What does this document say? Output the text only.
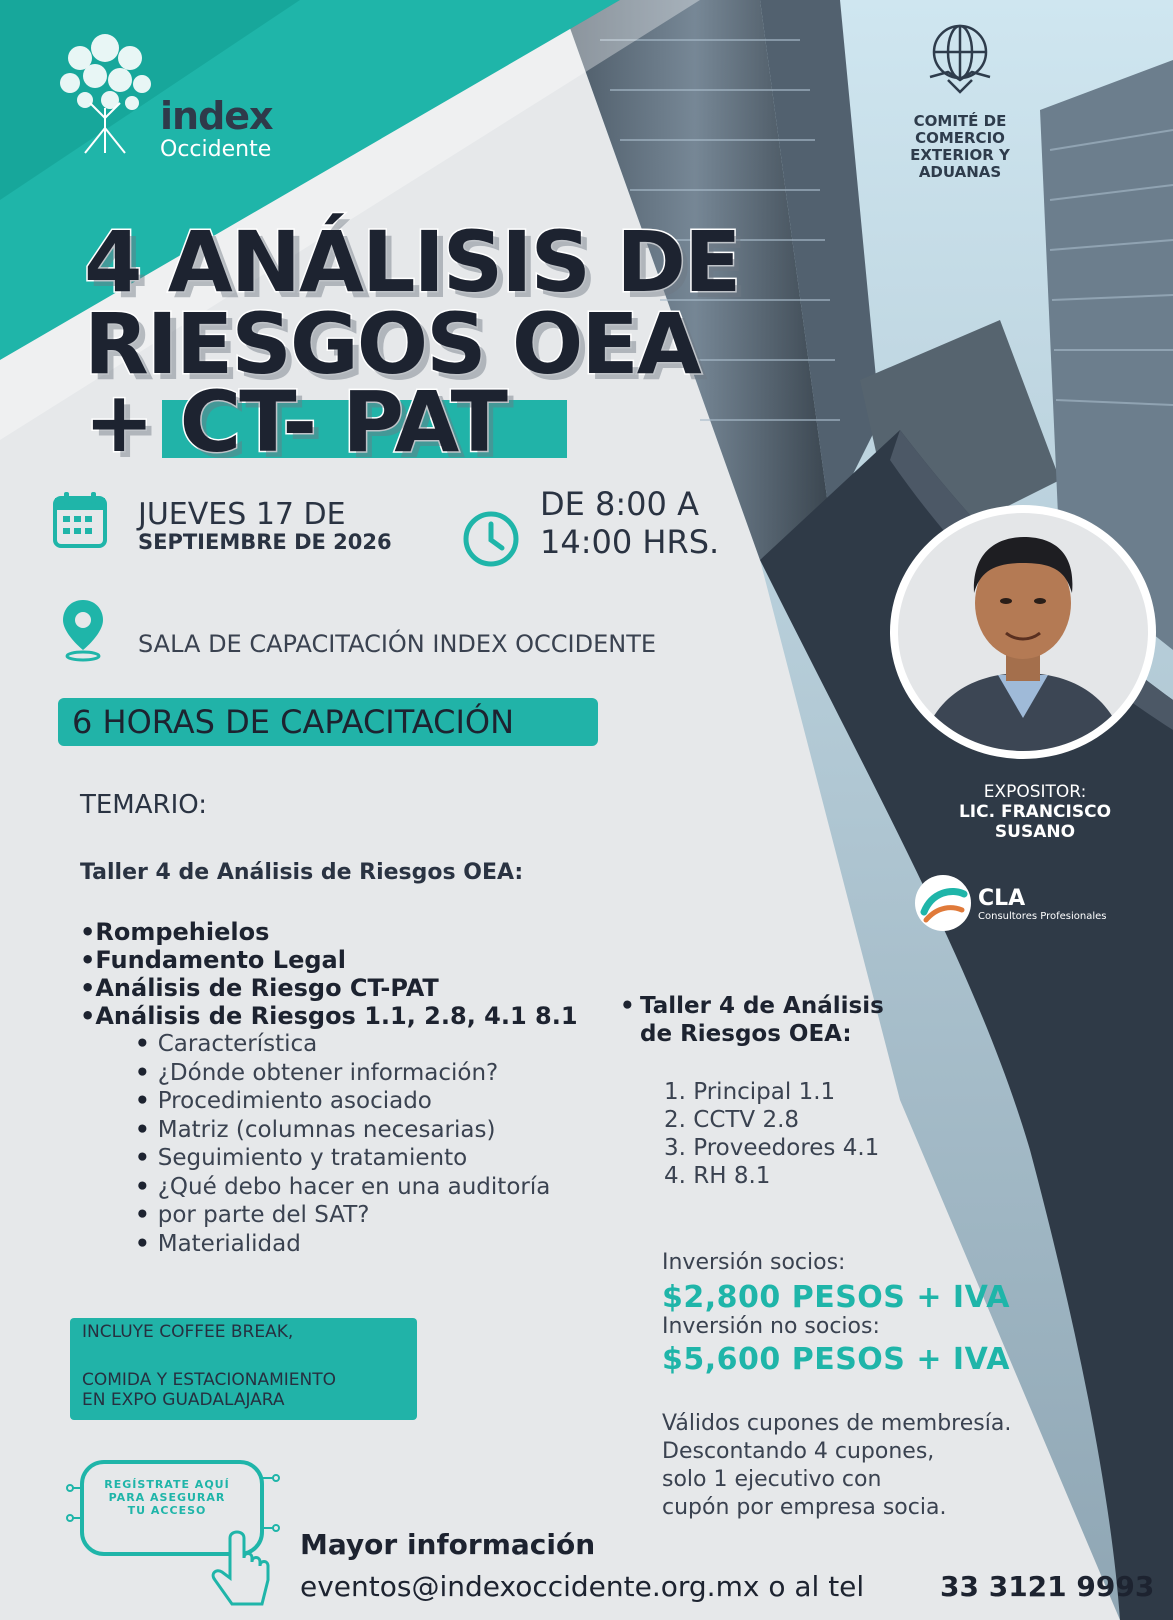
index
Occidente
COMITÉ DE
COMERCIO
EXTERIOR Y
ADUANAS
4 ANÁLISIS DE
RIESGOS OEA
+ CT- PAT
JUEVES 17 DE
SEPTIEMBRE DE 2026
DE 8:00 A
14:00 HRS.
SALA DE CAPACITACIÓN INDEX OCCIDENTE
6 HORAS DE CAPACITACIÓN
TEMARIO:
Taller 4 de Análisis de Riesgos OEA:
• Rompehielos
• Fundamento Legal
• Análisis de Riesgo CT-PAT
• Análisis de Riesgos 1.1, 2.8, 4.1 8.1
• Característica
• ¿Dónde obtener información?
• Procedimiento asociado
• Matriz (columnas necesarias)
• Seguimiento y tratamiento
• ¿Qué debo hacer en una auditoría
• por parte del SAT?
• Materialidad
• Taller 4 de Análisis
de Riesgos OEA:
1. Principal 1.1
2. CCTV 2.8
3. Proveedores 4.1
4. RH 8.1
Inversión socios:
$2,800 PESOS + IVA
Inversión no socios:
$5,600 PESOS + IVA
Válidos cupones de membresía.
Descontando 4 cupones,
solo 1 ejecutivo con
cupón por empresa socia.
INCLUYE COFFEE BREAK,
COMIDA Y ESTACIONAMIENTO
EN EXPO GUADALAJARA
REGÍSTRATE AQUÍ
PARA ASEGURAR
TU ACCESO
Mayor información
eventos@indexoccidente.org.mx o al tel	33 3121 9993
EXPOSITOR:
LIC. FRANCISCO
SUSANO
CLA
Consultores Profesionales
